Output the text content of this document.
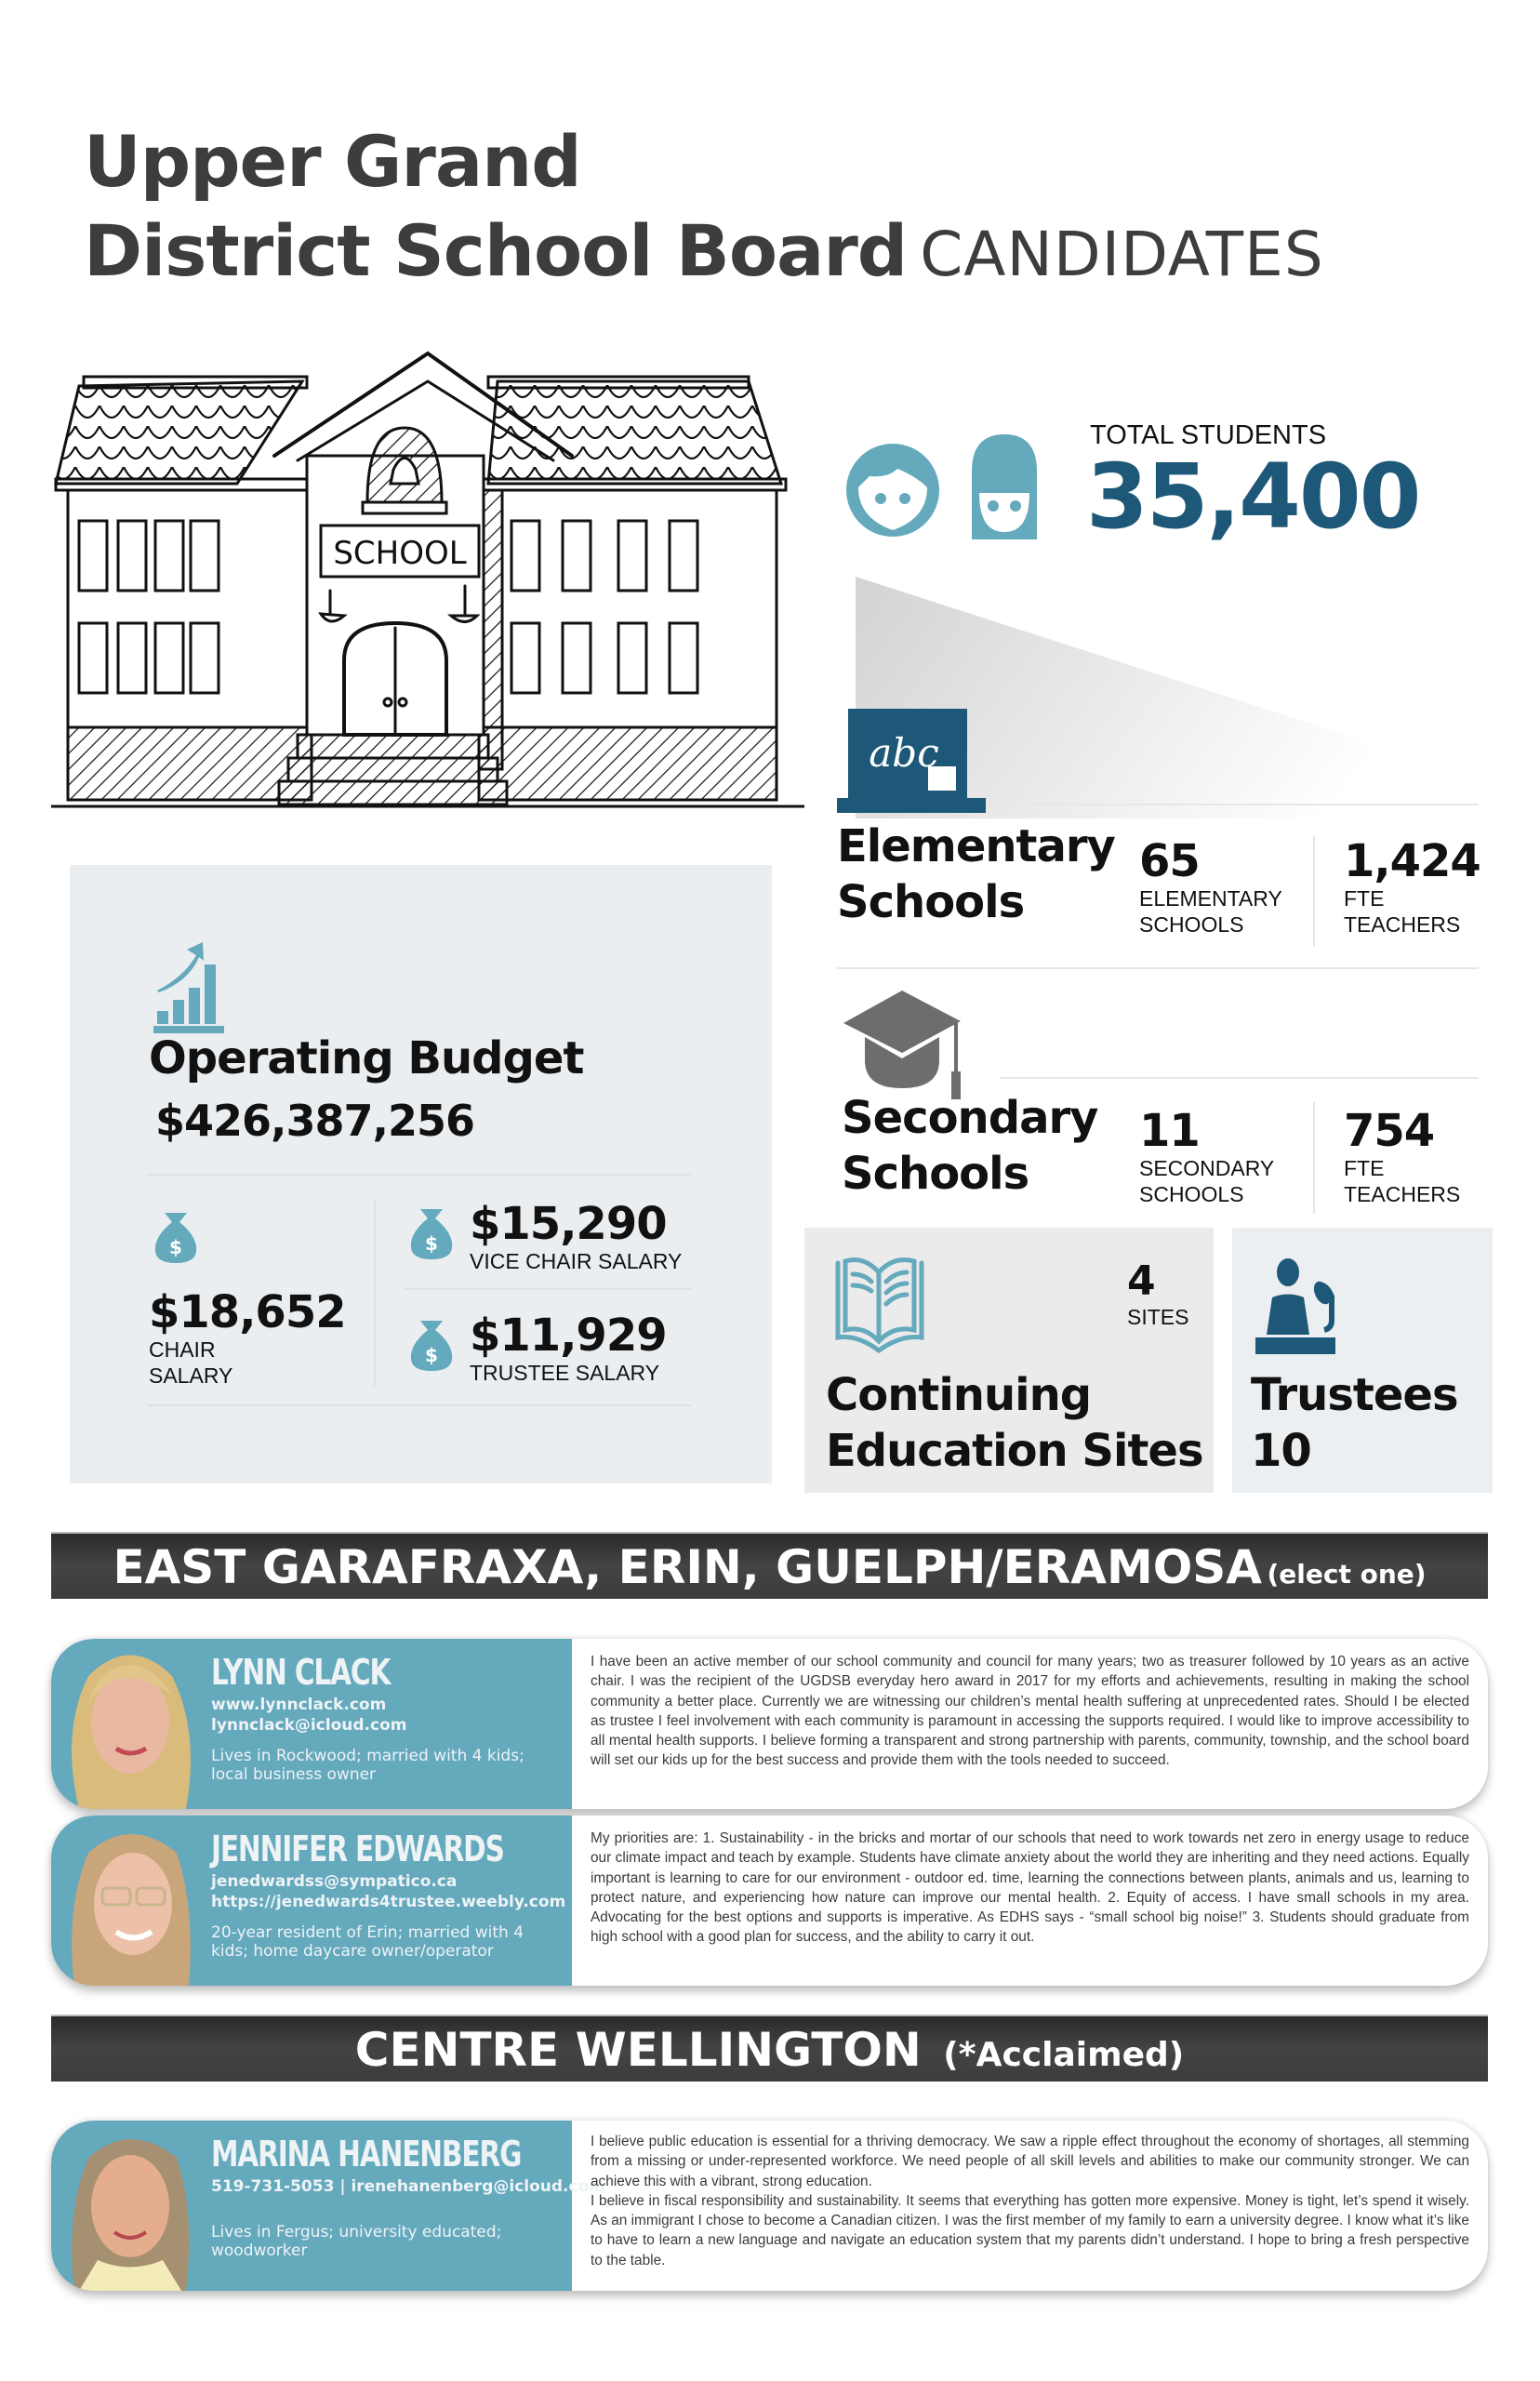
Upper Grand
District School Board CANDIDATES
SCHOOL
TOTAL STUDENTS
35,400
abc
Elementary
Schools
65
ELEMENTARY
SCHOOLS
1,424
FTE
TEACHERS
Secondary
Schools
11
SECONDARY
SCHOOLS
754
FTE
TEACHERS
Operating Budget
$426,387,256
$
$18,652
CHAIR
SALARY
$ $15,290
VICE CHAIR SALARY
$ $11,929
TRUSTEE SALARY
4
SITES
Continuing
Education Sites
Trustees
10
EAST GARAFRAXA, ERIN, GUELPH/ERAMOSA (elect one)
LYNN CLACK
www.lynnclack.com
lynnclack@icloud.com
Lives in Rockwood; married with 4 kids;
local business owner
I have been an active member of our school community and council for many years; two as treasurer followed by 10 years as an active chair. I was the recipient of the UGDSB everyday hero award in 2017 for my efforts and achievements, resulting in making the school community a better place. Currently we are witnessing our children’s mental health suffering at unprecedented rates. Should I be elected as trustee I feel involvement with each community is paramount in accessing the supports required. I would like to improve accessibility to all mental health supports. I believe forming a transparent and strong partnership with parents, community, township, and the school board will set our kids up for the best success and provide them with the tools needed to succeed.
JENNIFER EDWARDS
jenedwardss@sympatico.ca
https://jenedwards4trustee.weebly.com
20-year resident of Erin; married with 4
kids; home daycare owner/operator
My priorities are: 1. Sustainability - in the bricks and mortar of our schools that need to work towards net zero in energy usage to reduce our climate impact and teach by example. Students have climate anxiety about the world they are inheriting and they need actions. Equally important is learning to care for our environment - outdoor ed. time, learning the connections between plants, animals and us, learning to protect nature, and experiencing how nature can improve our mental health. 2. Equity of access. I have small schools in my area. Advocating for the best options and supports is imperative. As EDHS says - “small school big noise!” 3. Students should graduate from high school with a good plan for success, and the ability to carry it out.
CENTRE WELLINGTON (*Acclaimed)
MARINA HANENBERG
519-731-5053 | irenehanenberg@icloud.com
Lives in Fergus; university educated;
woodworker
I believe public education is essential for a thriving democracy. We saw a ripple effect throughout the economy of shortages, all stemming from a missing or under-represented workforce. We need people of all skill levels and abilities to make our community stronger. We can achieve this with a vibrant, strong education.
I believe in fiscal responsibility and sustainability. It seems that everything has gotten more expensive. Money is tight, let’s spend it wisely. As an immigrant I chose to become a Canadian citizen. I was the first member of my family to earn a university degree. I know what it’s like to have to learn a new language and navigate an education system that my parents didn’t understand. I hope to bring a fresh perspective to the table.
